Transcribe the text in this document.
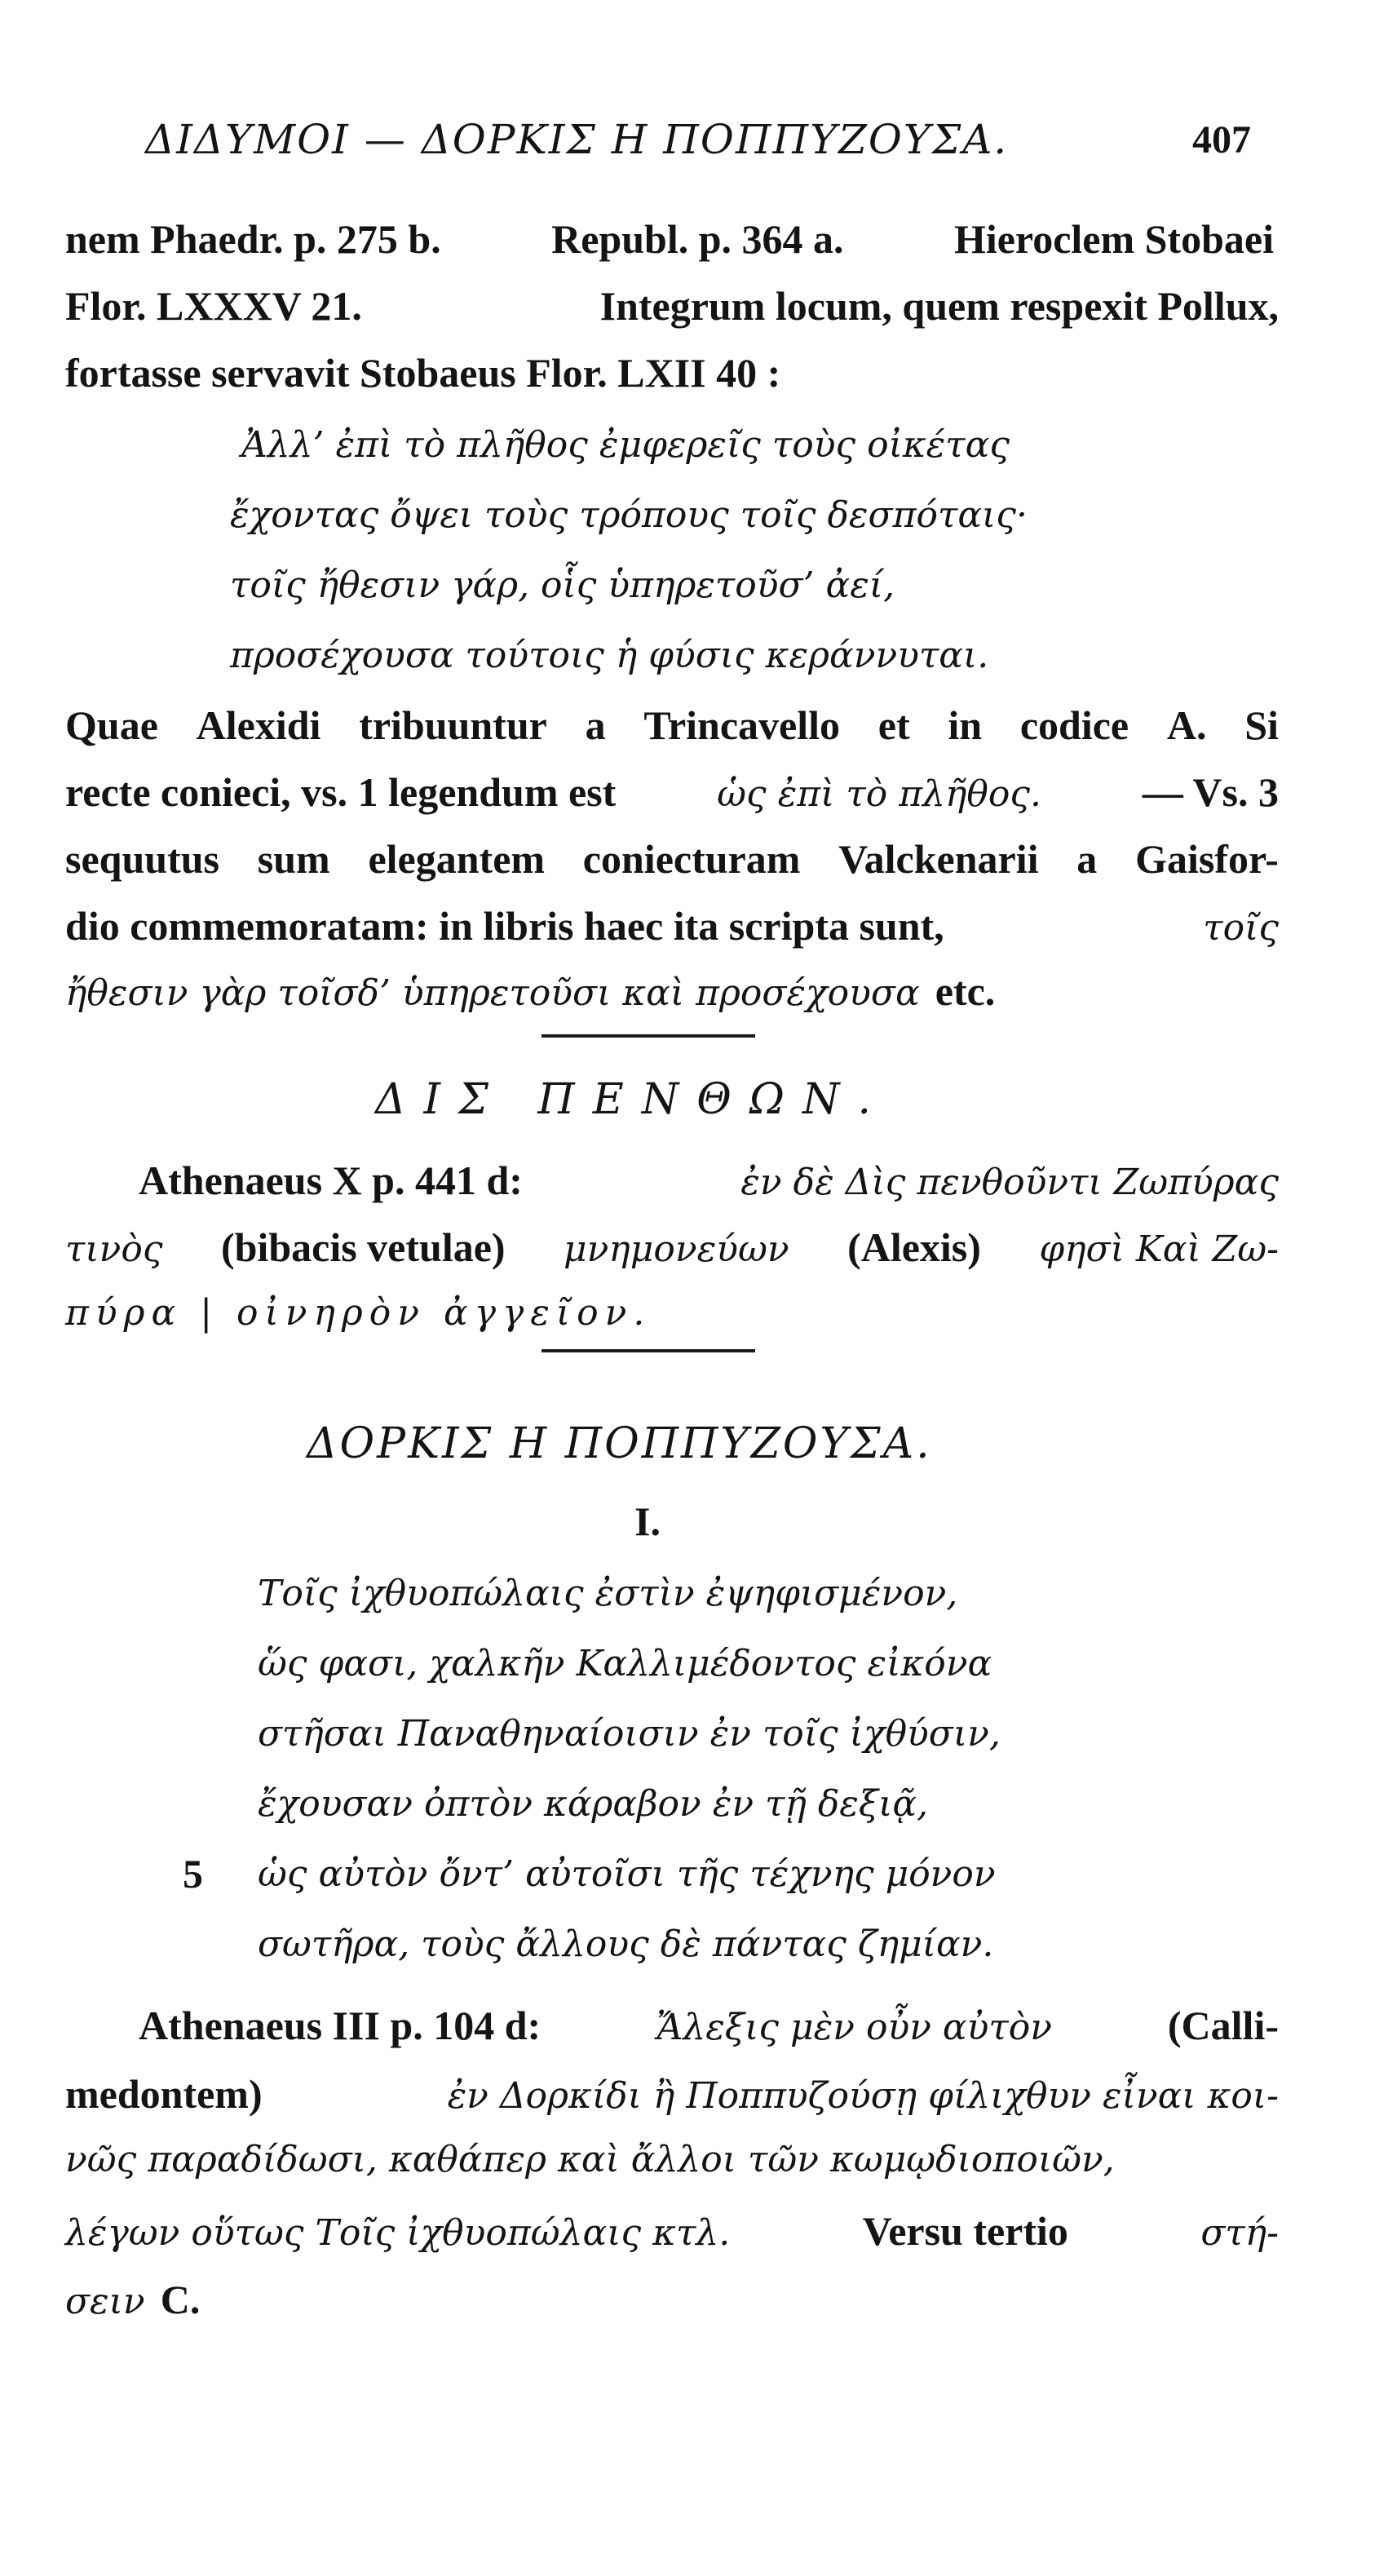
ΔΙΔΥΜΟΙ — ΔΟΡΚΙΣ Η ΠΟΠΠΥΖΟΥΣΑ.	407
nem Phaedr. p. 275 b.	Republ. p. 364 a.	Hieroclem Stobaei
Flor. LXXXV 21.	Integrum locum, quem respexit Pollux,
fortasse servavit Stobaeus Flor. LXII 40 :
Ἀλλ’ ἐπὶ τὸ πλῆθος ἐμφερεῖς τοὺς οἰκέτας
ἔχοντας ὄψει τοὺς τρόπους τοῖς δεσπόταις·
τοῖς ἤθεσιν γάρ, οἷς ὑπηρετοῦσ’ ἀεί,
προσέχουσα τούτοις ἡ φύσις κεράννυται.
Quae Alexidi tribuuntur a Trincavello et in codice A. Si
recte conieci, vs. 1 legendum est	ὡς ἐπὶ τὸ πλῆθος. — Vs. 3
sequutus sum elegantem coniecturam Valckenarii a Gaisfor-
dio commemoratam: in libris haec ita scripta sunt,	τοῖς
ἤθεσιν γὰρ τοῖσδ’ ὑπηρετοῦσι καὶ προσέχουσα etc.
ΔΙΣ ΠΕΝΘΩΝ.
Athenaeus X p. 441 d:	ἐν δὲ Δὶς πενθοῦντι Ζωπύρας
τινὸς (bibacis vetulae) μνημονεύων (Alexis) φησὶ Καὶ Ζω-
πύρα | οἰνηρὸν ἀγγεῖον.
ΔΟΡΚΙΣ Η ΠΟΠΠΥΖΟΥΣΑ.
I.
Τοῖς ἰχθυοπώλαις ἐστὶν ἐψηφισμένον,
ὥς φασι, χαλκῆν Καλλιμέδοντος εἰκόνα
στῆσαι Παναθηναίοισιν ἐν τοῖς ἰχθύσιν,
ἔχουσαν ὀπτὸν κάραβον ἐν τῇ δεξιᾷ,
5 ὡς αὐτὸν ὄντ’ αὐτοῖσι τῆς τέχνης μόνον
σωτῆρα, τοὺς ἄλλους δὲ πάντας ζημίαν.
Athenaeus III p. 104 d:	Ἄλεξις μὲν οὖν αὐτὸν	(Calli-
medontem)	ἐν Δορκίδι ἢ Ποππυζούσῃ φίλιχθυν εἶναι κοι-
νῶς παραδίδωσι, καθάπερ καὶ ἄλλοι τῶν κωμῳδιοποιῶν,
λέγων οὕτως Τοῖς ἰχθυοπώλαις κτλ.	Versu tertio	στή-
σειν C.
